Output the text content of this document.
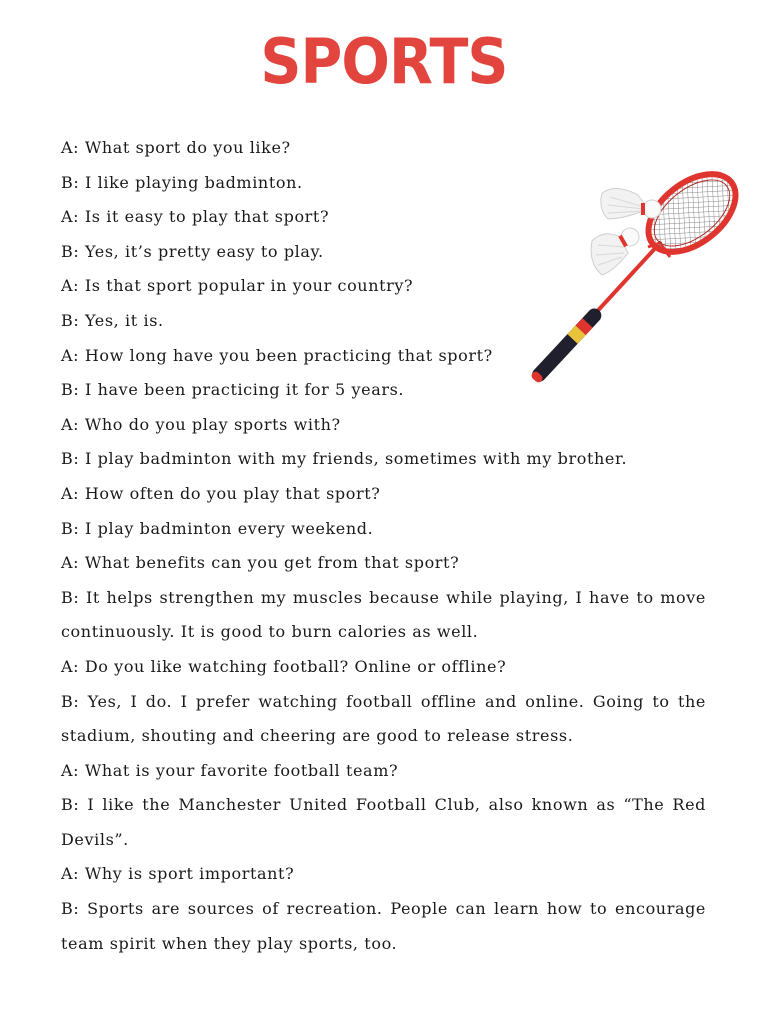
SPORTS

A: What sport do you like?

B: I like playing badminton.

A: Is it easy to play that sport?

B: Yes, it’s pretty easy to play.

A: Is that sport popular in your country?

B: Yes, it is.

A: How long have you been practicing that sport?

B: I have been practicing it for 5 years.

A: Who do you play sports with?

B: I play badminton with my friends, sometimes with my brother.

A: How often do you play that sport?

B: I play badminton every weekend.

A: What benefits can you get from that sport?

B: It helps strengthen my muscles because while playing, I have to move continuously. It is good to burn calories as well.

A: Do you like watching football? Online or offline?

B: Yes, I do. I prefer watching football offline and online. Going to the stadium, shouting and cheering are good to release stress.

A: What is your favorite football team?

B: I like the Manchester United Football Club, also known as “The Red Devils”.

A: Why is sport important?

B: Sports are sources of recreation. People can learn how to encourage team spirit when they play sports, too.
